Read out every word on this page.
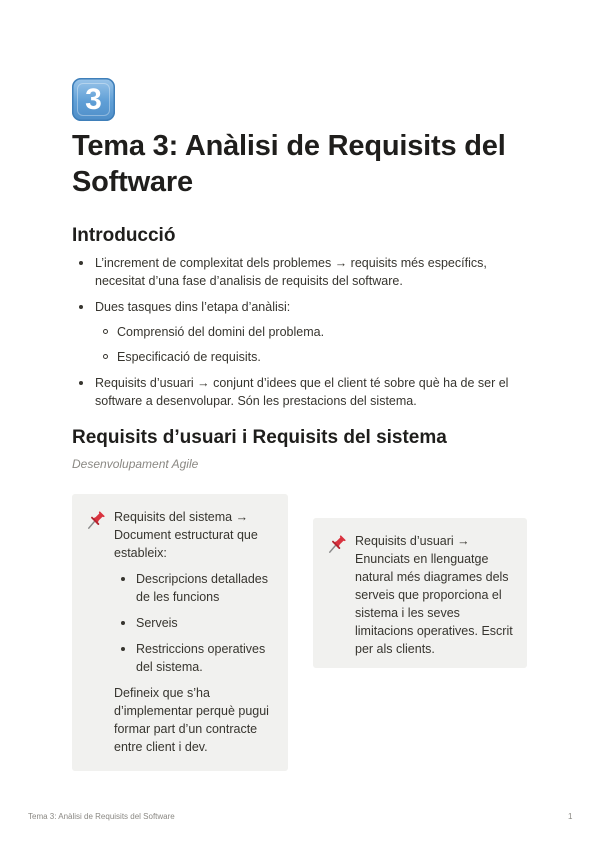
3
Tema 3: Anàlisi de Requisits del Software
Introducció
L’increment de complexitat dels problemes → requisits més específics, necesitat d’una fase d’analisis de requisits del software.
Dues tasques dins l’etapa d’anàlisi:
Comprensió del domini del problema.
Especificació de requisits.
Requisits d’usuari → conjunt d’idees que el client té sobre què ha de ser el software a desenvolupar. Són les prestacions del sistema.
Requisits d’usuari i Requisits del sistema
Desenvolupament Agile

Requisits del sistema → Document estructurat que estableix:

Descripcions detallades de les funcions
Serveis
Restriccions operatives del sistema.

Defineix que s’ha d’implementar perquè pugui formar part d’un contracte entre client i dev.

Requisits d’usuari → Enunciats en llenguatge natural més diagrames dels serveis que proporciona el sistema i les seves limitacions operatives. Escrit per als clients.

Tema 3: Anàlisi de Requisits del Software	1
